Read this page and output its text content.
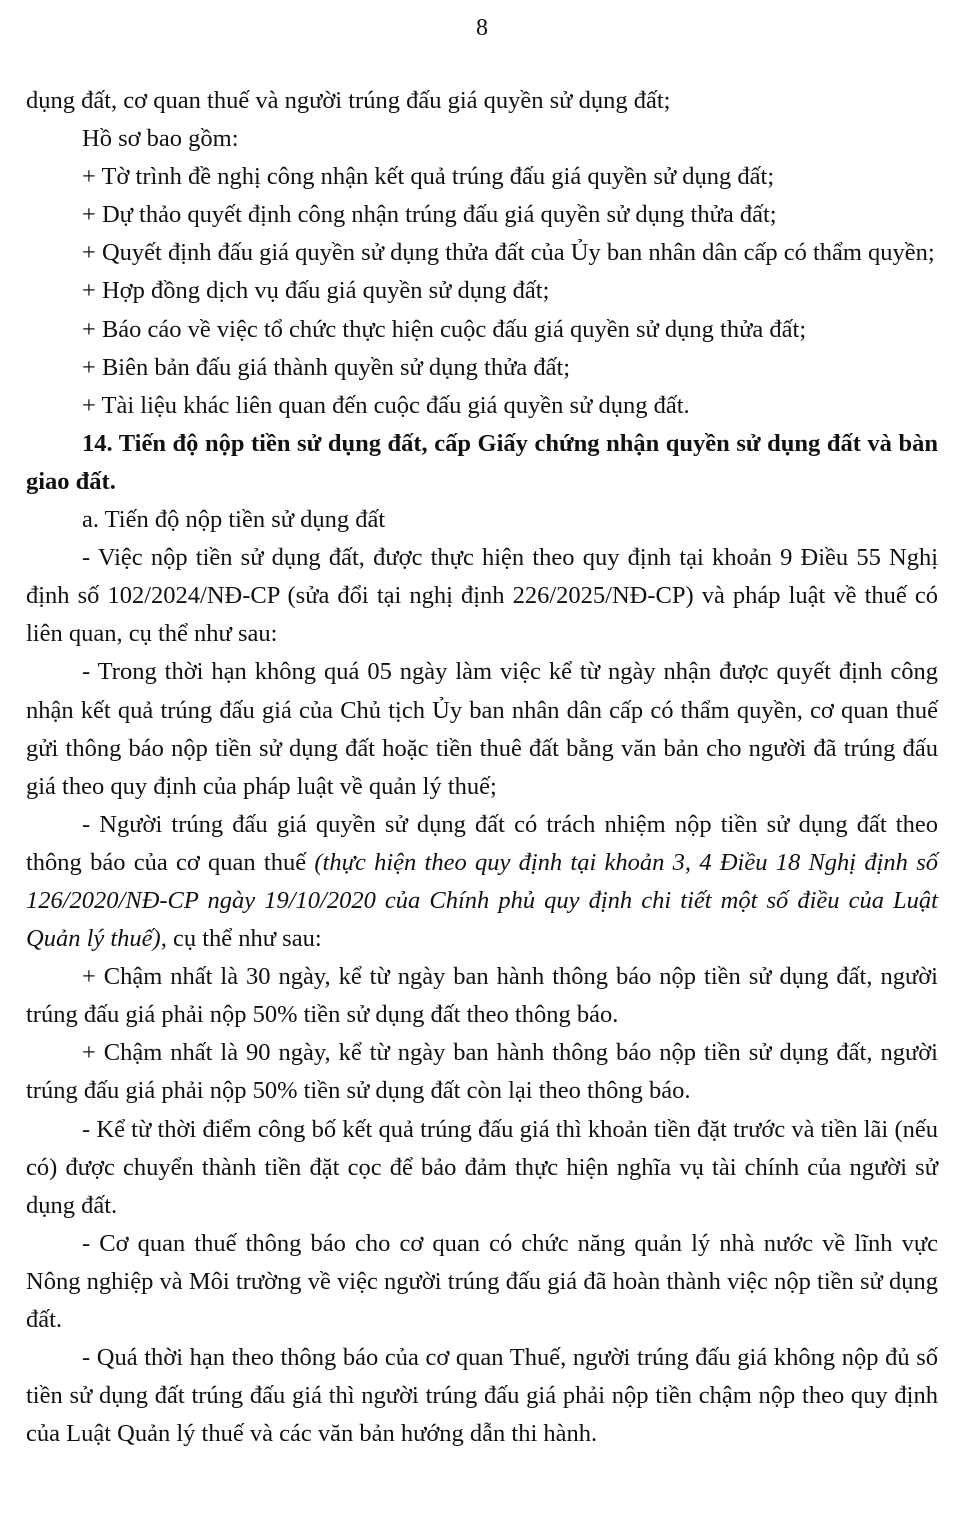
8

dụng đất, cơ quan thuế và người trúng đấu giá quyền sử dụng đất;

Hồ sơ bao gồm:

+ Tờ trình đề nghị công nhận kết quả trúng đấu giá quyền sử dụng đất;

+ Dự thảo quyết định công nhận trúng đấu giá quyền sử dụng thửa đất;

+ Quyết định đấu giá quyền sử dụng thửa đất của Ủy ban nhân dân cấp có thẩm quyền;

+ Hợp đồng dịch vụ đấu giá quyền sử dụng đất;

+ Báo cáo về việc tổ chức thực hiện cuộc đấu giá quyền sử dụng thửa đất;

+ Biên bản đấu giá thành quyền sử dụng thửa đất;

+ Tài liệu khác liên quan đến cuộc đấu giá quyền sử dụng đất.

14. Tiến độ nộp tiền sử dụng đất, cấp Giấy chứng nhận quyền sử dụng đất và bàn giao đất.

a. Tiến độ nộp tiền sử dụng đất

- Việc nộp tiền sử dụng đất, được thực hiện theo quy định tại khoản 9 Điều 55 Nghị định số 102/2024/NĐ-CP (sửa đổi tại nghị định 226/2025/NĐ-CP) và pháp luật về thuế có liên quan, cụ thể như sau:

- Trong thời hạn không quá 05 ngày làm việc kể từ ngày nhận được quyết định công nhận kết quả trúng đấu giá của Chủ tịch Ủy ban nhân dân cấp có thẩm quyền, cơ quan thuế gửi thông báo nộp tiền sử dụng đất hoặc tiền thuê đất bằng văn bản cho người đã trúng đấu giá theo quy định của pháp luật về quản lý thuế;

- Người trúng đấu giá quyền sử dụng đất có trách nhiệm nộp tiền sử dụng đất theo thông báo của cơ quan thuế (thực hiện theo quy định tại khoản 3, 4 Điều 18 Nghị định số 126/2020/NĐ-CP ngày 19/10/2020 của Chính phủ quy định chi tiết một số điều của Luật Quản lý thuế), cụ thể như sau:

+ Chậm nhất là 30 ngày, kể từ ngày ban hành thông báo nộp tiền sử dụng đất, người trúng đấu giá phải nộp 50% tiền sử dụng đất theo thông báo.

+ Chậm nhất là 90 ngày, kể từ ngày ban hành thông báo nộp tiền sử dụng đất, người trúng đấu giá phải nộp 50% tiền sử dụng đất còn lại theo thông báo.

- Kể từ thời điểm công bố kết quả trúng đấu giá thì khoản tiền đặt trước và tiền lãi (nếu có) được chuyển thành tiền đặt cọc để bảo đảm thực hiện nghĩa vụ tài chính của người sử dụng đất.

- Cơ quan thuế thông báo cho cơ quan có chức năng quản lý nhà nước về lĩnh vực Nông nghiệp và Môi trường về việc người trúng đấu giá đã hoàn thành việc nộp tiền sử dụng đất.

- Quá thời hạn theo thông báo của cơ quan Thuế, người trúng đấu giá không nộp đủ số tiền sử dụng đất trúng đấu giá thì người trúng đấu giá phải nộp tiền chậm nộp theo quy định của Luật Quản lý thuế và các văn bản hướng dẫn thi hành.
